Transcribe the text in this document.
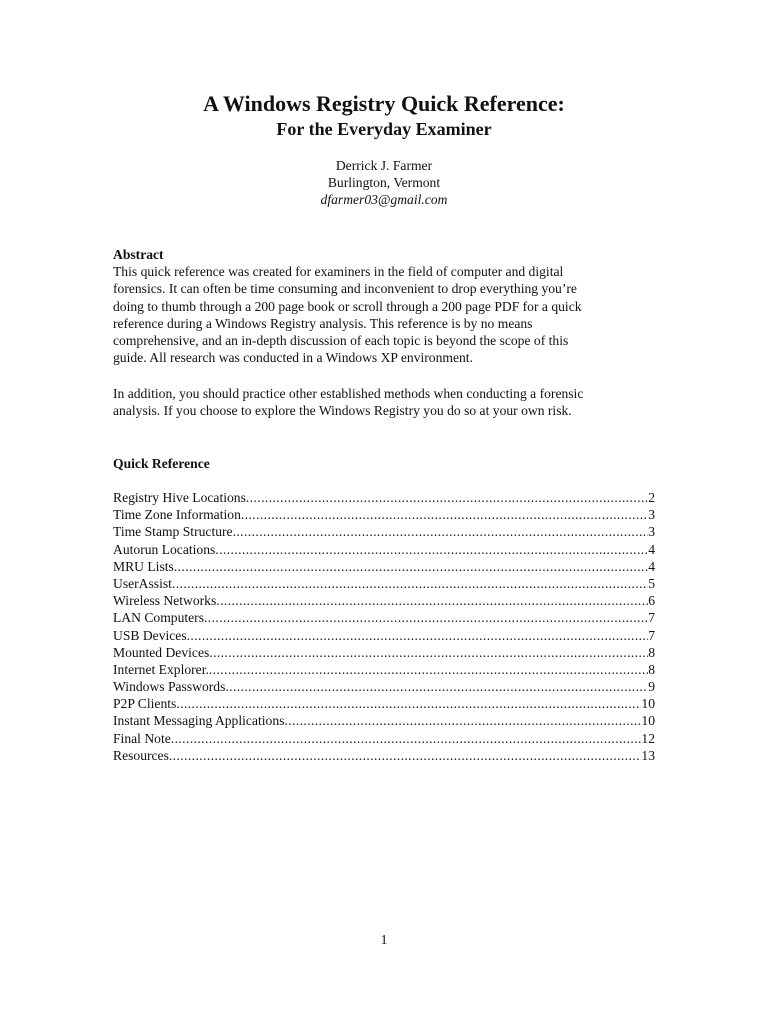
A Windows Registry Quick Reference:
For the Everyday Examiner
Derrick J. Farmer
Burlington, Vermont
dfarmer03@gmail.com
Abstract

This quick reference was created for examiners in the field of computer and digital
forensics. It can often be time consuming and inconvenient to drop everything you’re
doing to thumb through a 200 page book or scroll through a 200 page PDF for a quick
reference during a Windows Registry analysis. This reference is by no means
comprehensive, and an in-depth discussion of each topic is beyond the scope of this
guide. All research was conducted in a Windows XP environment.

In addition, you should practice other established methods when conducting a forensic
analysis. If you choose to explore the Windows Registry you do so at your own risk.

Quick Reference
Registry Hive Locations .....	2
Time Zone Information .....	3
Time Stamp Structure .....	3
Autorun Locations .....	4
MRU Lists .....	4
UserAssist .....	5
Wireless Networks .....	6
LAN Computers .....	7
USB Devices .....	7
Mounted Devices .....	8
Internet Explorer. .....	8
Windows Passwords .....	9
P2P Clients .....	10
Instant Messaging Applications .....	10
Final Note .....	12
Resources .....	13
1
